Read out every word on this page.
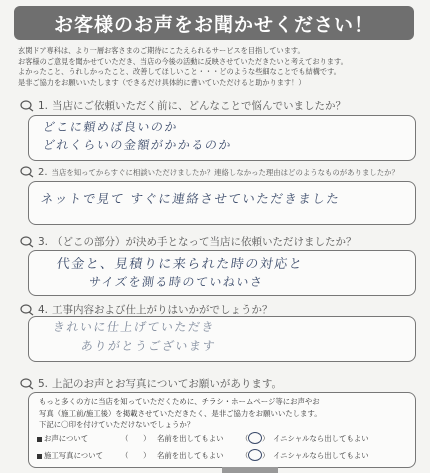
お客様のお声をお聞かせください！
玄関ドア専科は、より一層お客さまのご期待にこたえられるサービスを目指しています。
お客様のご意見を聞かせていただき、当店の今後の活動に反映させていただきたいと考えております。
よかったこと、うれしかったこと、改善してほしいこと・・・どのような些細なことでも結構です。
是非ご協力をお願いいたします（できるだけ具体的に書いていただけると助かります！）
1. 当店にご依頼いただく前に、どんなことで悩んでいましたか？
どこに頼めば良いのか
どれくらいの金額がかかるのか
2. 当店を知ってからすぐに相談いただけましたか？連絡しなかった理由はどのようなものがありましたか？
ネットで見て すぐに連絡させていただきました
3. （どこの部分）が決め手となって当店に依頼いただけましたか？
代金と、見積りに来られた時の対応と
サイズを測る時のていねいさ
4. 工事内容および仕上がりはいかがでしょうか？
きれいに仕上げていただき
ありがとうございます
5. 上記のお声とお写真についてお願いがあります。
もっと多くの方に当店を知っていただくために、チラシ・ホームページ等にお声やお
写真（施工前/施工後）を掲載させていただきたく、是非ご協力をお願いいたします。
下記に〇印を付けていただけないでしょうか？
お声について	（　　） 名前を出してもよい （ ○ ） イニシャルなら出してもよい
施工写真について （　　） 名前を出してもよい （ ○ ） イニシャルなら出してもよい
